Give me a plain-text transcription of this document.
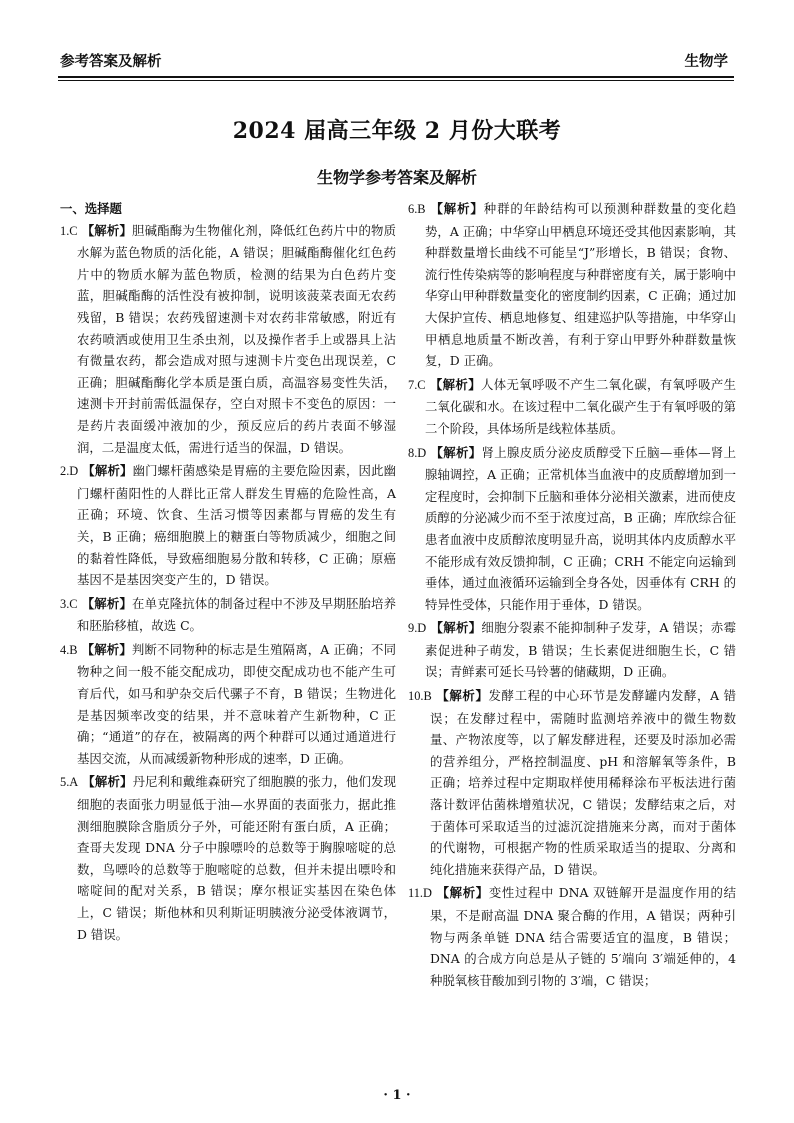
参考答案及解析	生物学
2024 届高三年级 2 月份大联考
生物学参考答案及解析
一、选择题

1.C 【解析】胆碱酯酶为生物催化剂，降低红色药片中的物质水解为蓝色物质的活化能，A 错误；胆碱酯酶催化红色药片中的物质水解为蓝色物质，检测的结果为白色药片变蓝，胆碱酯酶的活性没有被抑制，说明该菠菜表面无农药残留，B 错误；农药残留速测卡对农药非常敏感，附近有农药喷洒或使用卫生杀虫剂，以及操作者手上或器具上沾有微量农药，都会造成对照与速测卡片变色出现误差，C 正确；胆碱酯酶化学本质是蛋白质，高温容易变性失活，速测卡开封前需低温保存，空白对照卡不变色的原因：一是药片表面缓冲液加的少，预反应后的药片表面不够湿润，二是温度太低，需进行适当的保温，D 错误。

2.D 【解析】幽门螺杆菌感染是胃癌的主要危险因素，因此幽门螺杆菌阳性的人群比正常人群发生胃癌的危险性高，A 正确；环境、饮食、生活习惯等因素都与胃癌的发生有关，B 正确；癌细胞膜上的糖蛋白等物质减少，细胞之间的黏着性降低，导致癌细胞易分散和转移，C 正确；原癌基因不是基因突变产生的，D 错误。

3.C 【解析】在单克隆抗体的制备过程中不涉及早期胚胎培养和胚胎移植，故选 C。

4.B 【解析】判断不同物种的标志是生殖隔离，A 正确；不同物种之间一般不能交配成功，即使交配成功也不能产生可育后代，如马和驴杂交后代骡子不育，B 错误；生物进化是基因频率改变的结果，并不意味着产生新物种，C 正确；“通道”的存在，被隔离的两个种群可以通过通道进行基因交流，从而减缓新物种形成的速率，D 正确。

5.A 【解析】丹尼利和戴维森研究了细胞膜的张力，他们发现细胞的表面张力明显低于油—水界面的表面张力，据此推测细胞膜除含脂质分子外，可能还附有蛋白质，A 正确；查哥夫发现 DNA 分子中腺嘌呤的总数等于胸腺嘧啶的总数，鸟嘌呤的总数等于胞嘧啶的总数，但并未提出嘌呤和嘧啶间的配对关系，B 错误；摩尔根证实基因在染色体上，C 错误；斯他林和贝利斯证明胰液分泌受体液调节，D 错误。

6.B 【解析】种群的年龄结构可以预测种群数量的变化趋势，A 正确；中华穿山甲栖息环境还受其他因素影响，其种群数量增长曲线不可能呈“J”形增长，B 错误；食物、流行性传染病等的影响程度与种群密度有关，属于影响中华穿山甲种群数量变化的密度制约因素，C 正确；通过加大保护宣传、栖息地修复、组建巡护队等措施，中华穿山甲栖息地质量不断改善，有利于穿山甲野外种群数量恢复，D 正确。

7.C 【解析】人体无氧呼吸不产生二氧化碳，有氧呼吸产生二氧化碳和水。在该过程中二氧化碳产生于有氧呼吸的第二个阶段，具体场所是线粒体基质。

8.D 【解析】肾上腺皮质分泌皮质醇受下丘脑—垂体—肾上腺轴调控，A 正确；正常机体当血液中的皮质醇增加到一定程度时，会抑制下丘脑和垂体分泌相关激素，进而使皮质醇的分泌减少而不至于浓度过高，B 正确；库欣综合征患者血液中皮质醇浓度明显升高，说明其体内皮质醇水平不能形成有效反馈抑制，C 正确；CRH 不能定向运输到垂体，通过血液循环运输到全身各处，因垂体有 CRH 的特异性受体，只能作用于垂体，D 错误。

9.D 【解析】细胞分裂素不能抑制种子发芽，A 错误；赤霉素促进种子萌发，B 错误；生长素促进细胞生长，C 错误；青鲜素可延长马铃薯的储藏期，D 正确。

10.B 【解析】发酵工程的中心环节是发酵罐内发酵，A 错误；在发酵过程中，需随时监测培养液中的微生物数量、产物浓度等，以了解发酵进程，还要及时添加必需的营养组分，严格控制温度、pH 和溶解氧等条件，B 正确；培养过程中定期取样使用稀释涂布平板法进行菌落计数评估菌株增殖状况，C 错误；发酵结束之后，对于菌体可采取适当的过滤沉淀措施来分离，而对于菌体的代谢物，可根据产物的性质采取适当的提取、分离和纯化措施来获得产品，D 错误。

11.D 【解析】变性过程中 DNA 双链解开是温度作用的结果，不是耐高温 DNA 聚合酶的作用，A 错误；两种引物与两条单链 DNA 结合需要适宜的温度，B 错误；DNA 的合成方向总是从子链的 5′端向 3′端延伸的，4 种脱氧核苷酸加到引物的 3′端，C 错误；

· 1 ·
